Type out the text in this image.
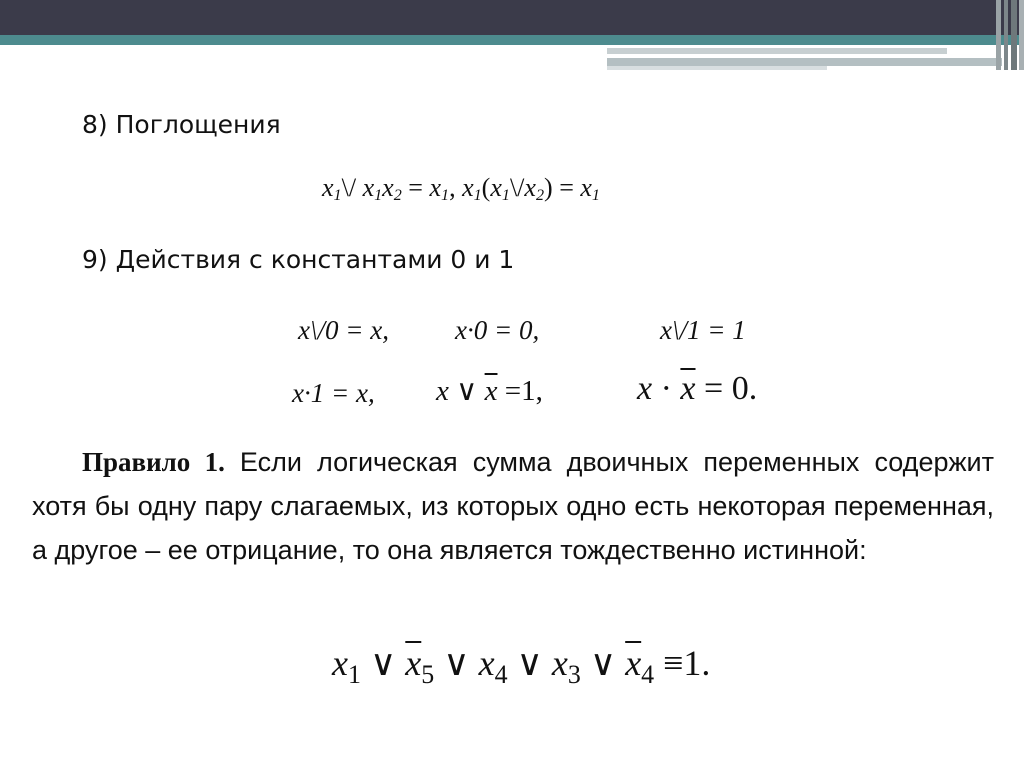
8) Поглощения
$x_1\backslash/$ $x_1x_2 = x_1$, $x_1(x_1\backslash/x_2) = x_1$
9) Действия с константами 0 и 1
x\/0 = x, x·0 = 0,	x\/1 = 1
x·1 = x, x ∨ $\overline{x} =1$,	$x \cdot \overline{x} = 0$.
Правило 1. Если логическая сумма двоичных переменных содержит хотя бы одну пару слагаемых, из которых одно есть некоторая переменная, а другое – ее отрицание, то она является тождественно истинной:
$x_1$ ∨ $\overline{x}_5$ ∨ $x_4$ ∨ $x_3$ ∨ $\overline{x}_4 \equiv 1$.
